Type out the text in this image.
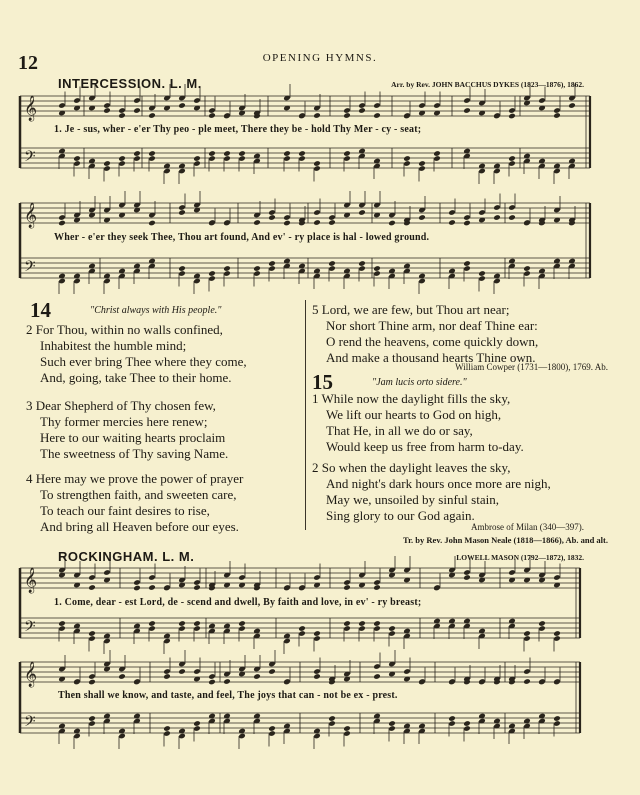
12	OPENING HYMNS.
𝄞
𝄢
𝄞
𝄢
𝄞
𝄢
𝄞
𝄢
INTERCESSION. L. M.	Arr. by Rev. JOHN BACCHUS DYKES (1823—1876), 1862.
1. Je - sus, wher - e'er Thy peo - ple meet, There they be - hold Thy Mer - cy - seat;
Wher - e'er they seek Thee, Thou art found, And ev' - ry place is hal - lowed ground.
14	"Christ always with His people."
2 For Thou, within no walls confined,
Inhabitest the humble mind;
Such ever bring Thee where they come,
And, going, take Thee to their home.
3 Dear Shepherd of Thy chosen few,
Thy former mercies here renew;
Here to our waiting hearts proclaim
The sweetness of Thy saving Name.
4 Here may we prove the power of prayer
To strengthen faith, and sweeten care,
To teach our faint desires to rise,
And bring all Heaven before our eyes.
5 Lord, we are few, but Thou art near;
Nor short Thine arm, nor deaf Thine ear:
O rend the heavens, come quickly down,
And make a thousand hearts Thine own.
William Cowper (1731—1800), 1769. Ab.
15	"Jam lucis orto sidere."
1 While now the daylight fills the sky,
We lift our hearts to God on high,
That He, in all we do or say,
Would keep us free from harm to-day.
2 So when the daylight leaves the sky,
And night's dark hours once more are nigh,
May we, unsoiled by sinful stain,
Sing glory to our God again.
Ambrose of Milan (340—397).
Tr. by Rev. John Mason Neale (1818—1866), Ab. and alt.
ROCKINGHAM. L. M.	LOWELL MASON (1792—1872), 1832.
1. Come, dear - est Lord, de - scend and dwell, By faith and love, in ev' - ry breast;
Then shall we know, and taste, and feel, The joys that can - not be ex - prest.
